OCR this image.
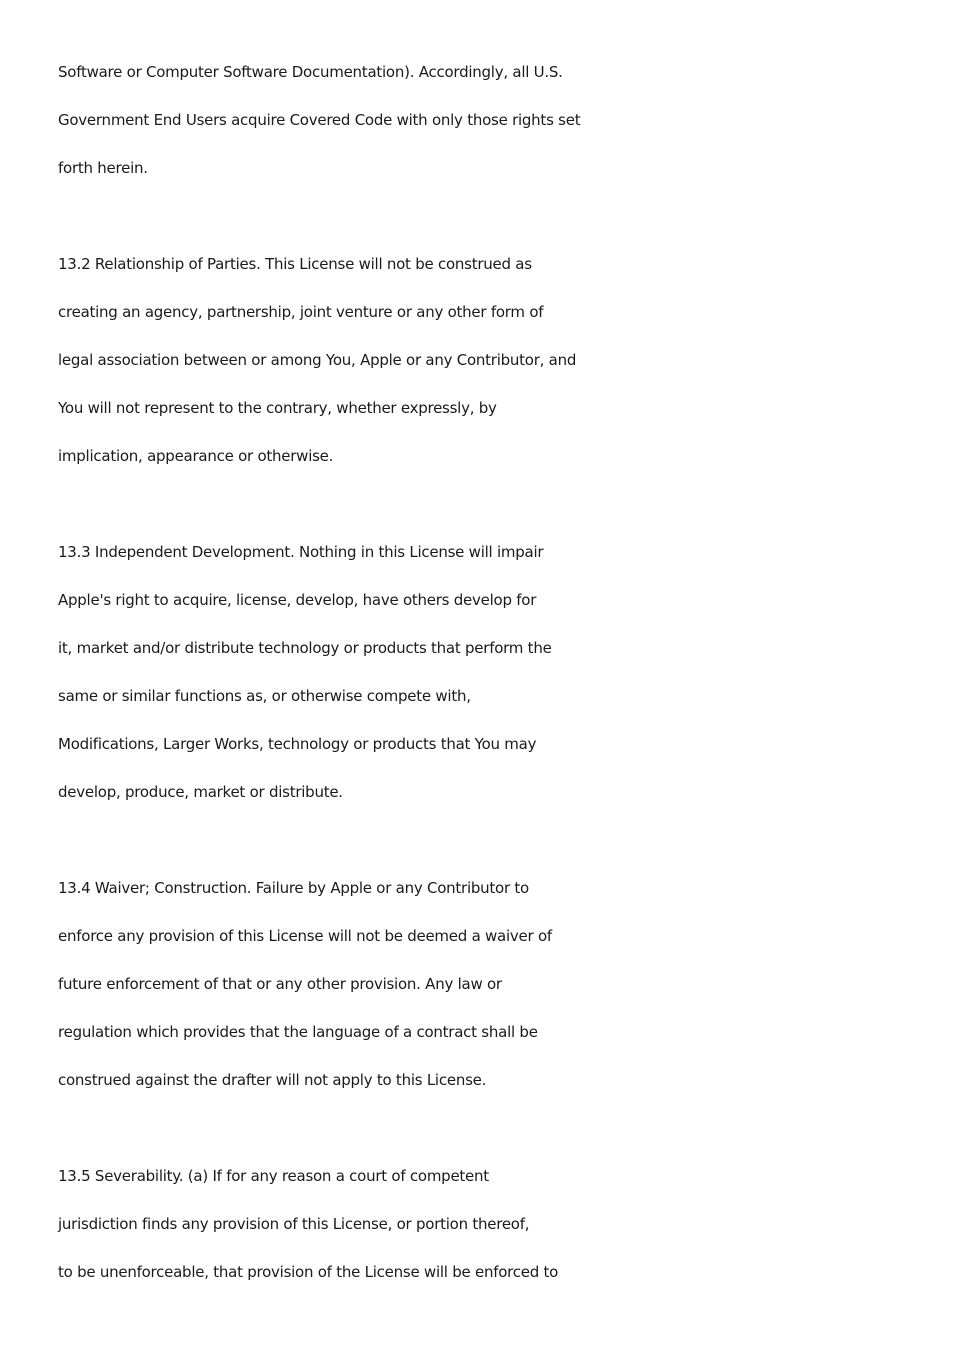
Software or Computer Software Documentation). Accordingly, all U.S.
Government End Users acquire Covered Code with only those rights set
forth herein.
13.2 Relationship of Parties. This License will not be construed as
creating an agency, partnership, joint venture or any other form of
legal association between or among You, Apple or any Contributor, and
You will not represent to the contrary, whether expressly, by
implication, appearance or otherwise.
13.3 Independent Development. Nothing in this License will impair
Apple's right to acquire, license, develop, have others develop for
it, market and/or distribute technology or products that perform the
same or similar functions as, or otherwise compete with,
Modifications, Larger Works, technology or products that You may
develop, produce, market or distribute.
13.4 Waiver; Construction. Failure by Apple or any Contributor to
enforce any provision of this License will not be deemed a waiver of
future enforcement of that or any other provision. Any law or
regulation which provides that the language of a contract shall be
construed against the drafter will not apply to this License.
13.5 Severability. (a) If for any reason a court of competent
jurisdiction finds any provision of this License, or portion thereof,
to be unenforceable, that provision of the License will be enforced to
